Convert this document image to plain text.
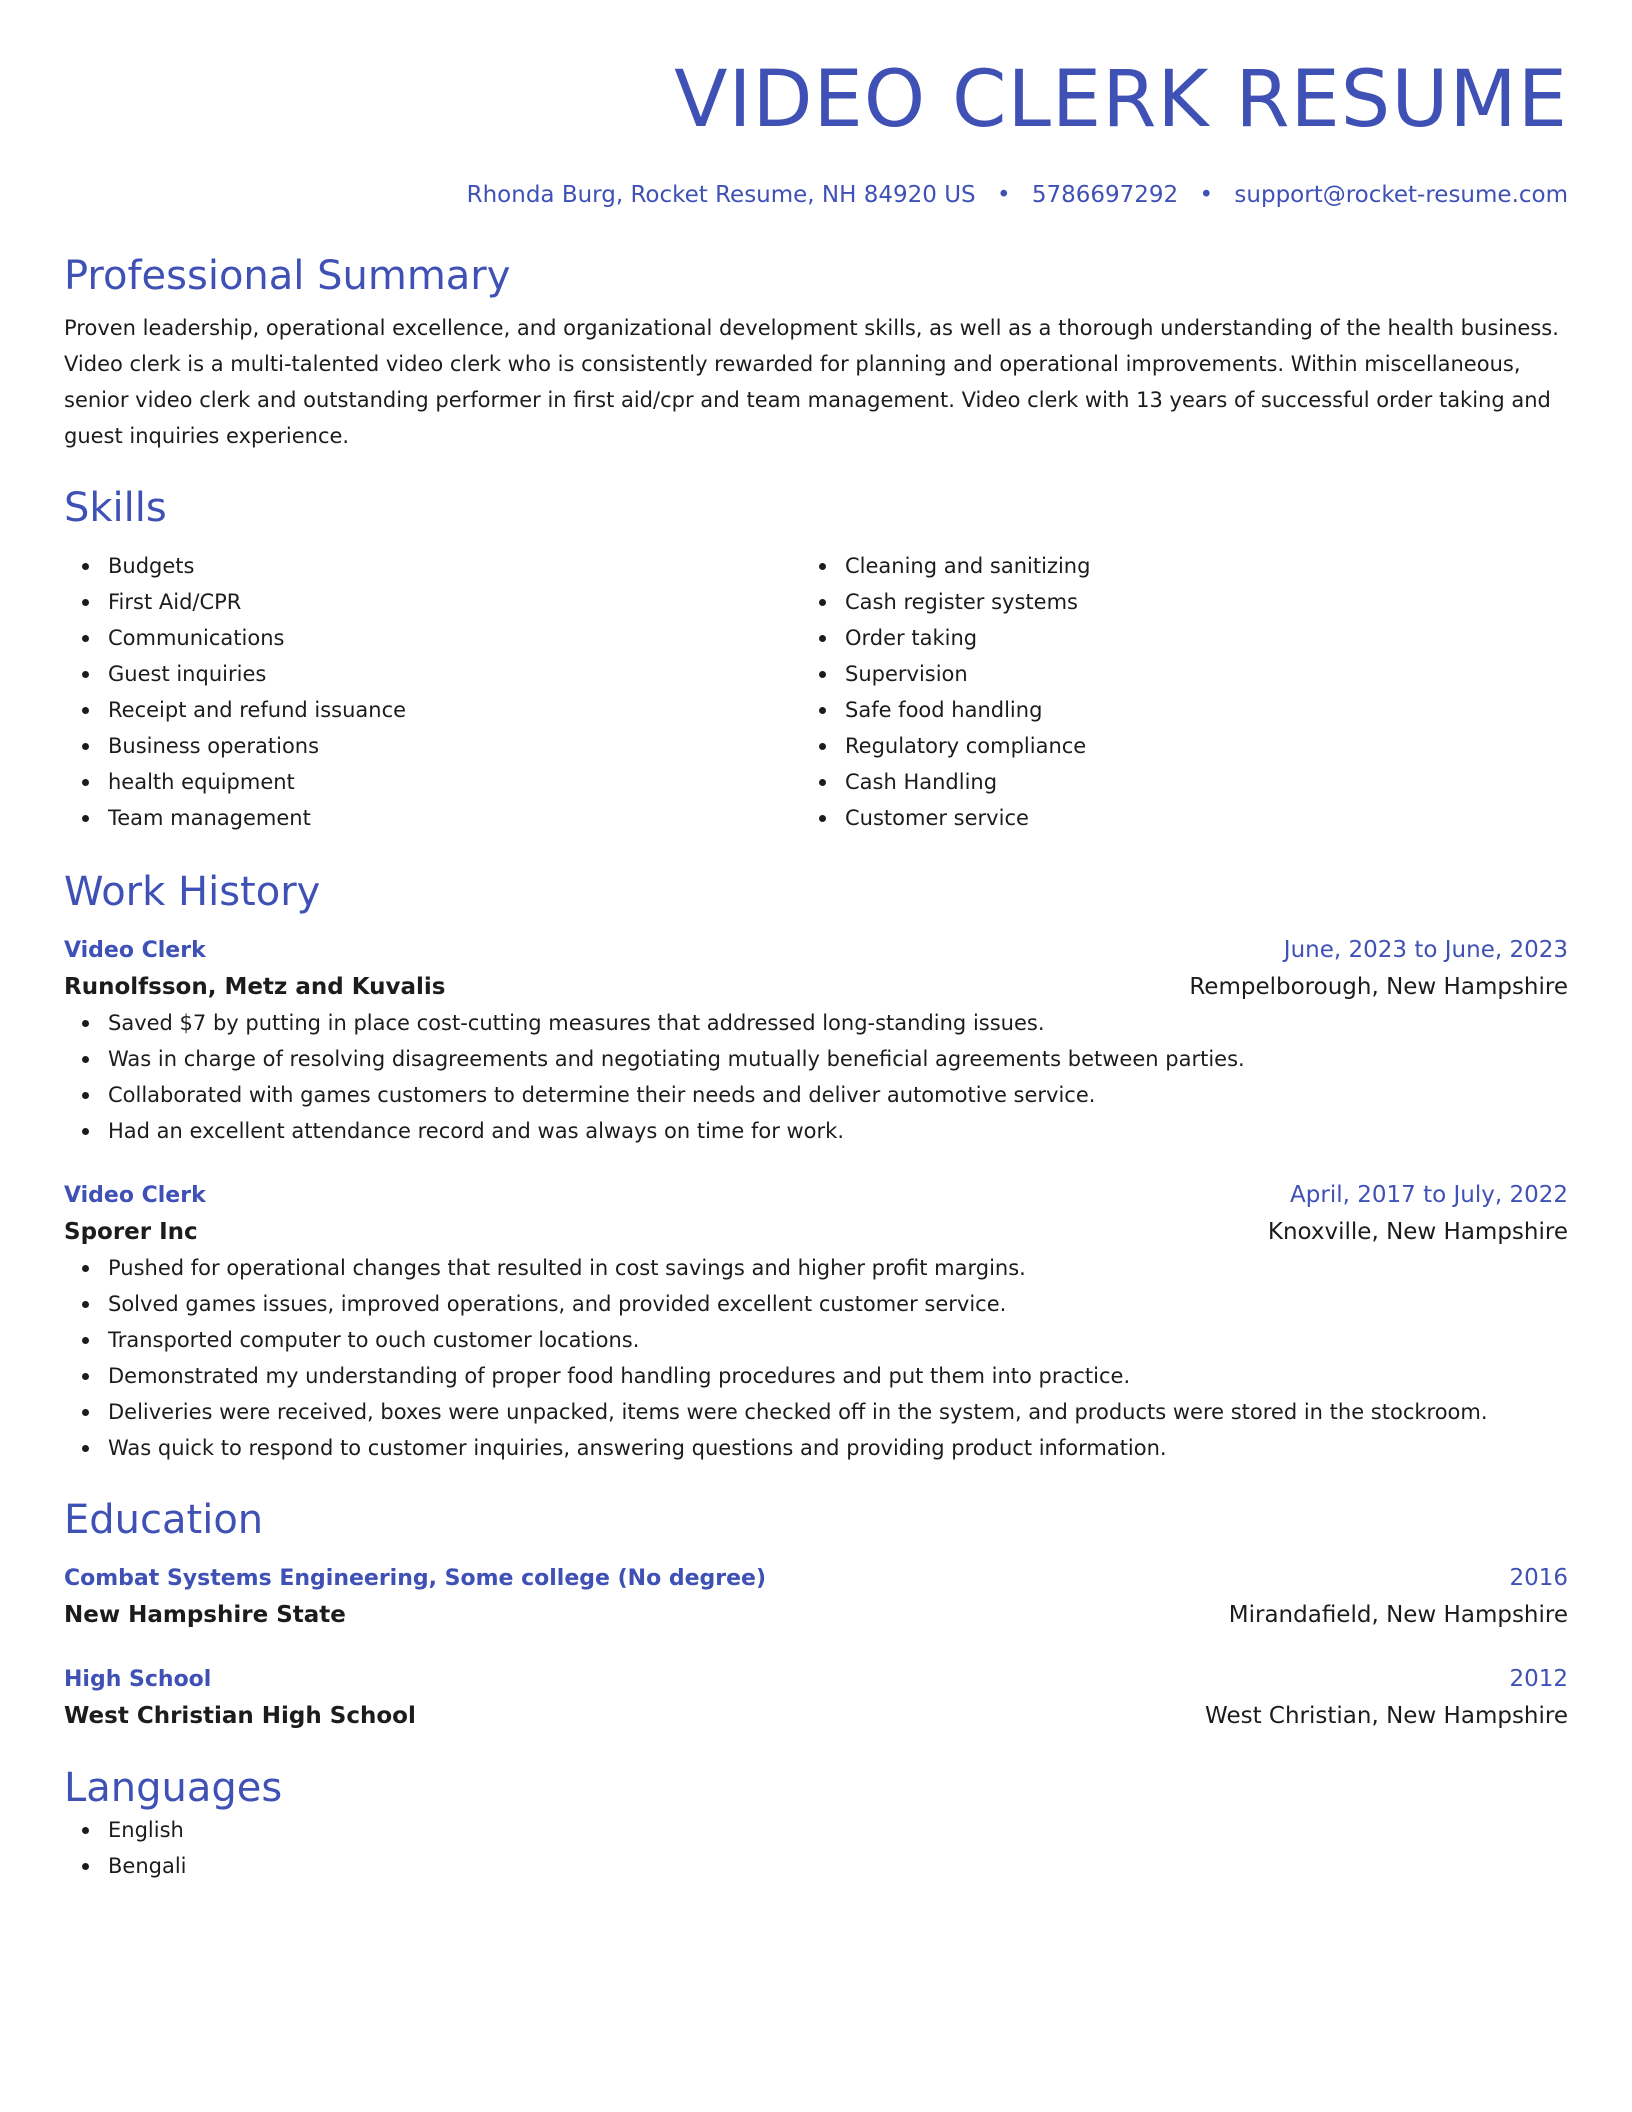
VIDEO CLERK RESUME
Rhonda Burg, Rocket Resume, NH 84920 US • 5786697292 • support@rocket-resume.com
Professional Summary
Proven leadership, operational excellence, and organizational development skills, as well as a thorough understanding of the health business. Video clerk is a multi-talented video clerk who is consistently rewarded for planning and operational improvements. Within miscellaneous, senior video clerk and outstanding performer in first aid/cpr and team management. Video clerk with 13 years of successful order taking and guest inquiries experience.
Skills
Budgets
First Aid/CPR
Communications
Guest inquiries
Receipt and refund issuance
Business operations
health equipment
Team management
Cleaning and sanitizing
Cash register systems
Order taking
Supervision
Safe food handling
Regulatory compliance
Cash Handling
Customer service
Work History
Video Clerk	June, 2023 to June, 2023
Runolfsson, Metz and Kuvalis	Rempelborough, New Hampshire
Saved $7 by putting in place cost-cutting measures that addressed long-standing issues.
Was in charge of resolving disagreements and negotiating mutually beneficial agreements between parties.
Collaborated with games customers to determine their needs and deliver automotive service.
Had an excellent attendance record and was always on time for work.
Video Clerk	April, 2017 to July, 2022
Sporer Inc	Knoxville, New Hampshire
Pushed for operational changes that resulted in cost savings and higher profit margins.
Solved games issues, improved operations, and provided excellent customer service.
Transported computer to ouch customer locations.
Demonstrated my understanding of proper food handling procedures and put them into practice.
Deliveries were received, boxes were unpacked, items were checked off in the system, and products were stored in the stockroom.
Was quick to respond to customer inquiries, answering questions and providing product information.
Education
Combat Systems Engineering, Some college (No degree)	2016
New Hampshire State	Mirandafield, New Hampshire
High School	2012
West Christian High School	West Christian, New Hampshire
Languages
English
Bengali
